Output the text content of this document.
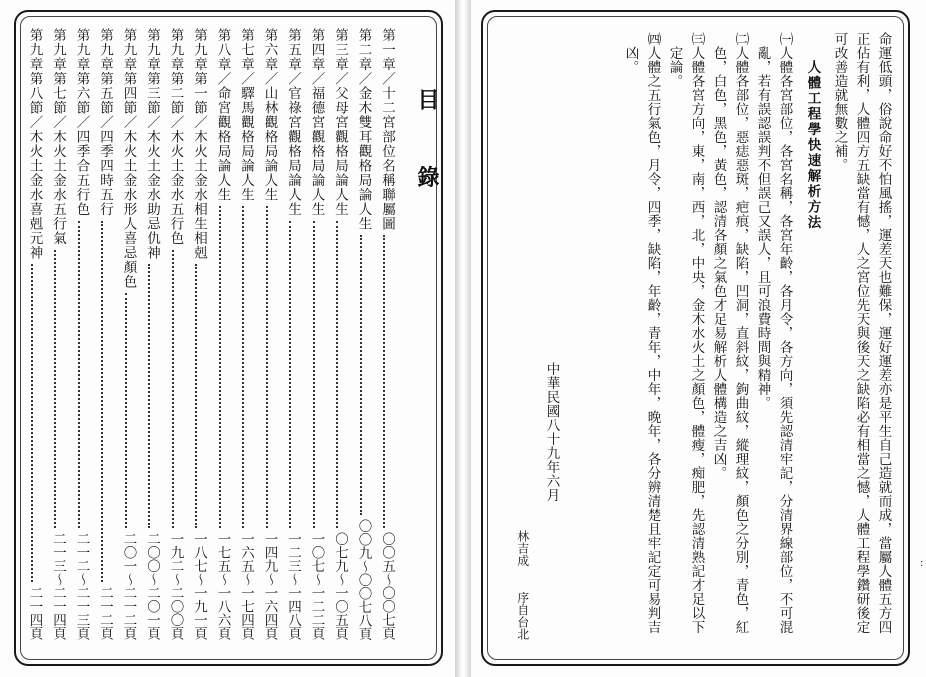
目 錄
第一章／十二宮部位名稱聯屬圖
〇〇五～〇〇七頁
第二章／金木雙耳觀格局論人生
〇〇九～〇〇七八頁
第三章／父母宮觀格局論人生
〇七九～一〇五頁
第四章／福德宮觀格局論人生
一〇七～一二二頁
第五章／官祿宮觀格局論人生
一二三～一四八頁
第六章／山林觀格局論人生
一四九～一六四頁
第七章／驛馬觀格局論人生
一六五～一七四頁
第八章／命宮觀格局論人生
一七五～一八六頁
第九章第一節／木火土金水相生相剋
一八七～一九一頁
第九章第二節／木火土金水五行色
一九二～二〇〇頁
第九章第三節／木火土金水助忌仇神
二〇〇～二〇一頁
第九章第四節／木火土金水形人喜忌顏色
二〇一～二一二頁
第九章第五節／四季四時五行
二一二頁
第九章第六節／四季合五行色
二一二～二一三頁
第九章第七節／木火土金水五行氣
二一三～二一四頁
第九章第八節／木火土金水喜剋元神
二一四頁	命運低頭，俗說命好不怕風搖，運差天也難保，運好運差亦是平生自己造就而成，當屬人體五方四
正佔有利，人體四方五缺當有憾，人之宮位先天與後天之缺陷必有相當之憾，人體工程學鑽研後定
可改善造就無數之補。
人體工程學快速解析方法
㈠人體各宮部位，各宮名稱，各宮年齡，各月令，各方向，須先認清牢記，分清界線部位，不可混
亂，若有誤認誤判不但誤己又誤人，且可浪費時間與精神。
㈡人體各部位，惡痣惡斑，疤痕，缺陷，凹洞，直斜紋，鉤曲紋，縱理紋，顏色之分別，青色，紅
色，白色，黑色，黃色，認清各顏之氣色才足易解析人體構造之吉凶。
㈢人體各宮方向，東，南，西，北，中央，金木水火土之顏色，體瘦，痴肥，先認清熟記才足以下
定論。
㈣人體之五行氣色，月令，四季，缺陷，年齡，青年，中年，晚年，各分辨清楚且牢記定可易判吉
凶。
中華民國八十九年六月
林吉成　　序自台北	:
